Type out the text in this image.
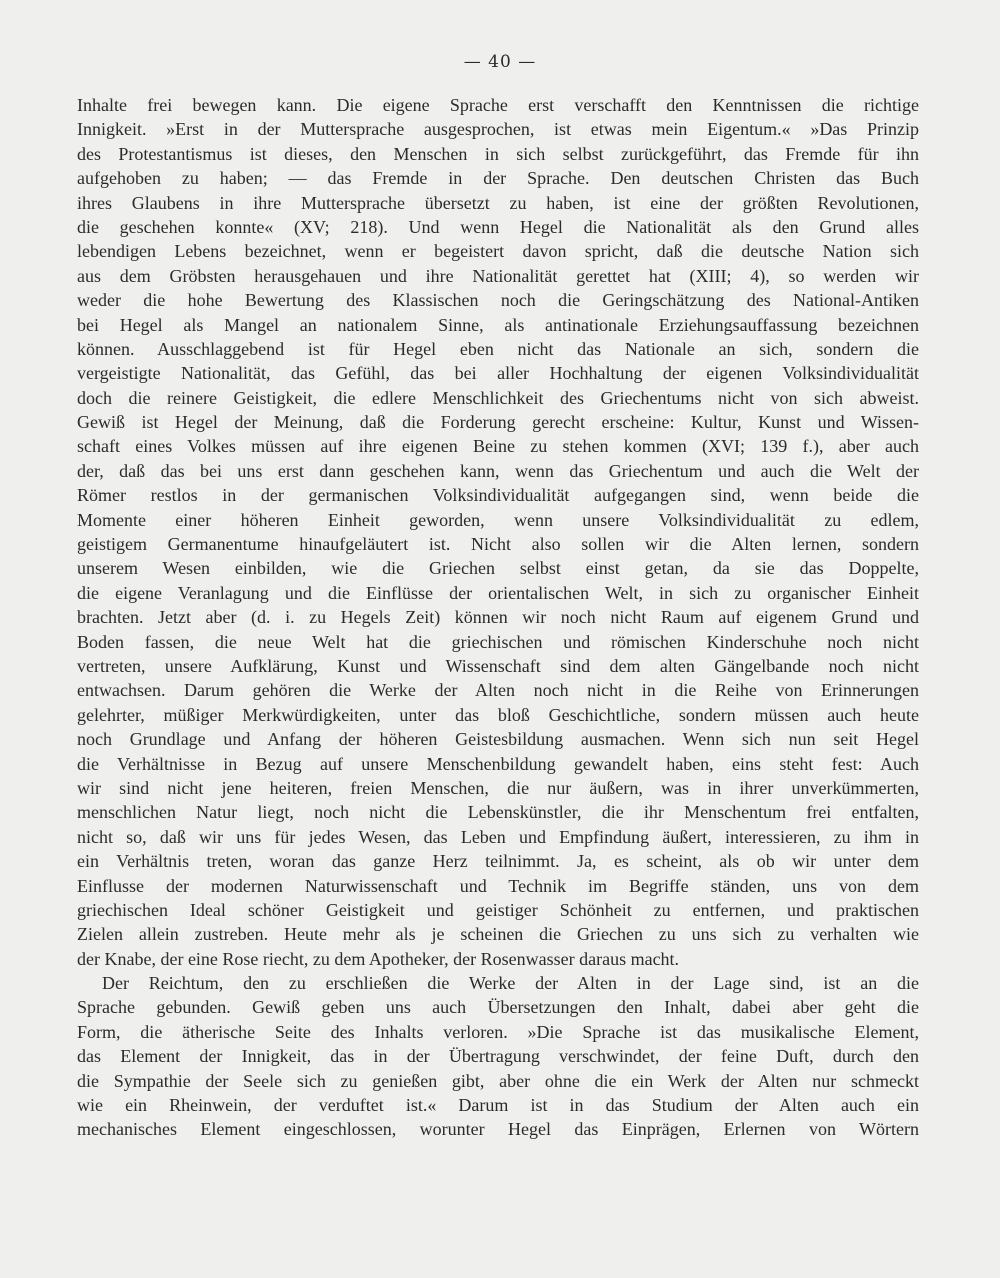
— 40 —
Inhalte frei bewegen kann. Die eigene Sprache erst verschafft den Kenntnissen die richtige
Innigkeit. »Erst in der Muttersprache ausgesprochen, ist etwas mein Eigentum.« »Das Prinzip
des Protestantismus ist dieses, den Menschen in sich selbst zurückgeführt, das Fremde für ihn
aufgehoben zu haben; — das Fremde in der Sprache. Den deutschen Christen das Buch
ihres Glaubens in ihre Muttersprache übersetzt zu haben, ist eine der größten Revolutionen,
die geschehen konnte« (XV; 218). Und wenn Hegel die Nationalität als den Grund alles
lebendigen Lebens bezeichnet, wenn er begeistert davon spricht, daß die deutsche Nation sich
aus dem Gröbsten herausgehauen und ihre Nationalität gerettet hat (XIII; 4), so werden wir
weder die hohe Bewertung des Klassischen noch die Geringschätzung des National-Antiken
bei Hegel als Mangel an nationalem Sinne, als antinationale Erziehungsauffassung bezeichnen
können. Ausschlaggebend ist für Hegel eben nicht das Nationale an sich, sondern die
vergeistigte Nationalität, das Gefühl, das bei aller Hochhaltung der eigenen Volksindividualität
doch die reinere Geistigkeit, die edlere Menschlichkeit des Griechentums nicht von sich abweist.
Gewiß ist Hegel der Meinung, daß die Forderung gerecht erscheine: Kultur, Kunst und Wissen-
schaft eines Volkes müssen auf ihre eigenen Beine zu stehen kommen (XVI; 139 f.), aber auch
der, daß das bei uns erst dann geschehen kann, wenn das Griechentum und auch die Welt der
Römer restlos in der germanischen Volksindividualität aufgegangen sind, wenn beide die
Momente einer höheren Einheit geworden, wenn unsere Volksindividualität zu edlem,
geistigem Germanentume hinaufgeläutert ist. Nicht also sollen wir die Alten lernen, sondern
unserem Wesen einbilden, wie die Griechen selbst einst getan, da sie das Doppelte,
die eigene Veranlagung und die Einflüsse der orientalischen Welt, in sich zu organischer Einheit
brachten. Jetzt aber (d. i. zu Hegels Zeit) können wir noch nicht Raum auf eigenem Grund und
Boden fassen, die neue Welt hat die griechischen und römischen Kinderschuhe noch nicht
vertreten, unsere Aufklärung, Kunst und Wissenschaft sind dem alten Gängelbande noch nicht
entwachsen. Darum gehören die Werke der Alten noch nicht in die Reihe von Erinnerungen
gelehrter, müßiger Merkwürdigkeiten, unter das bloß Geschichtliche, sondern müssen auch heute
noch Grundlage und Anfang der höheren Geistesbildung ausmachen. Wenn sich nun seit Hegel
die Verhältnisse in Bezug auf unsere Menschenbildung gewandelt haben, eins steht fest: Auch
wir sind nicht jene heiteren, freien Menschen, die nur äußern, was in ihrer unverkümmerten,
menschlichen Natur liegt, noch nicht die Lebenskünstler, die ihr Menschentum frei entfalten,
nicht so, daß wir uns für jedes Wesen, das Leben und Empfindung äußert, interessieren, zu ihm in
ein Verhältnis treten, woran das ganze Herz teilnimmt. Ja, es scheint, als ob wir unter dem
Einflusse der modernen Naturwissenschaft und Technik im Begriffe ständen, uns von dem
griechischen Ideal schöner Geistigkeit und geistiger Schönheit zu entfernen, und praktischen
Zielen allein zustreben. Heute mehr als je scheinen die Griechen zu uns sich zu verhalten wie
der Knabe, der eine Rose riecht, zu dem Apotheker, der Rosenwasser daraus macht.
Der Reichtum, den zu erschließen die Werke der Alten in der Lage sind, ist an die
Sprache gebunden. Gewiß geben uns auch Übersetzungen den Inhalt, dabei aber geht die
Form, die ätherische Seite des Inhalts verloren. »Die Sprache ist das musikalische Element,
das Element der Innigkeit, das in der Übertragung verschwindet, der feine Duft, durch den
die Sympathie der Seele sich zu genießen gibt, aber ohne die ein Werk der Alten nur schmeckt
wie ein Rheinwein, der verduftet ist.« Darum ist in das Studium der Alten auch ein
mechanisches Element eingeschlossen, worunter Hegel das Einprägen, Erlernen von Wörtern
